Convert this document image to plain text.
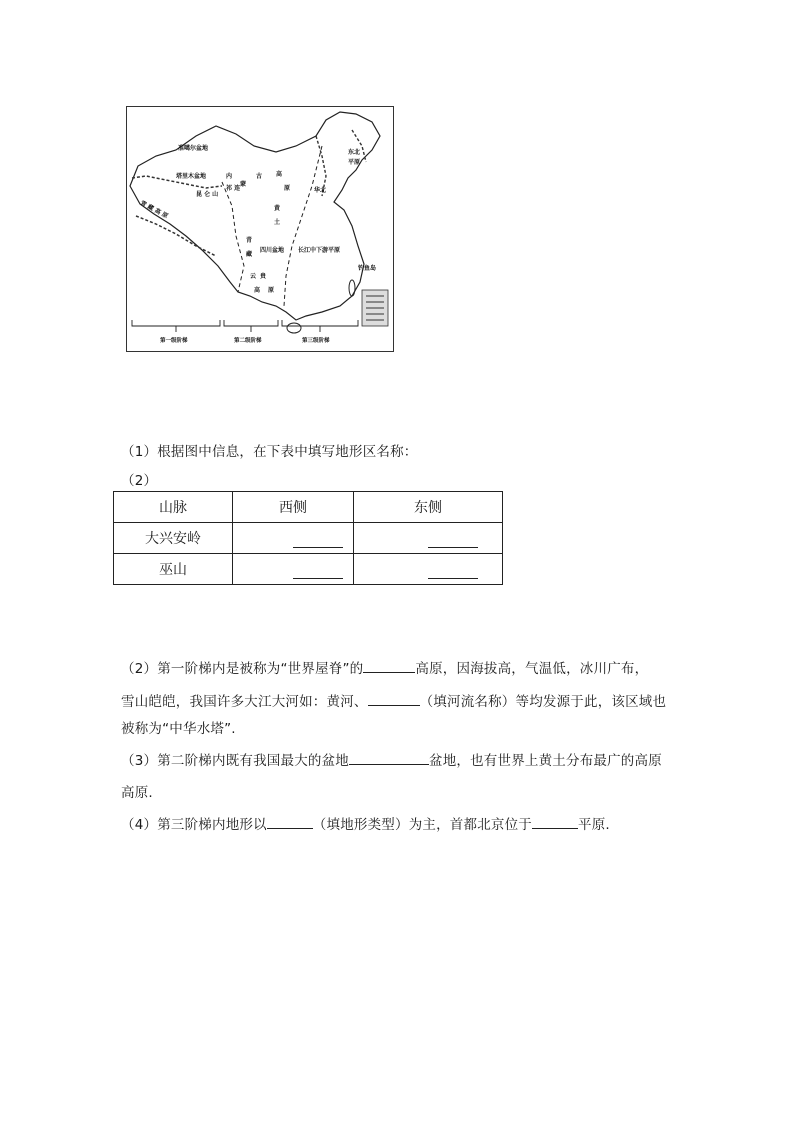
准噶尔盆地
塔里木盆地
昆 仑 山
祁 连
内
蒙
古 高
原
黄
土
东北
平原
华北
四川盆地 长江中下游平原
钓鱼岛
青
藏
云 贵
高 原
青 藏 高 原
第一级阶梯	第二级阶梯	第三级阶梯
（1）根据图中信息，在下表中填写地形区名称：
（2）
山脉	西侧	东侧
大兴安岭		
巫山		
（2）第一阶梯内是被称为“世界屋脊”的	高原，因海拔高，气温低，冰川广布，
雪山皑皑，我国许多大江大河如：黄河、	（填河流名称）等均发源于此，该区域也
被称为“中华水塔”.
（3）第二阶梯内既有我国最大的盆地	盆地，也有世界上黄土分布最广的高原
高原.
（4）第三阶梯内地形以	（填地形类型）为主，首都北京位于	平原.
